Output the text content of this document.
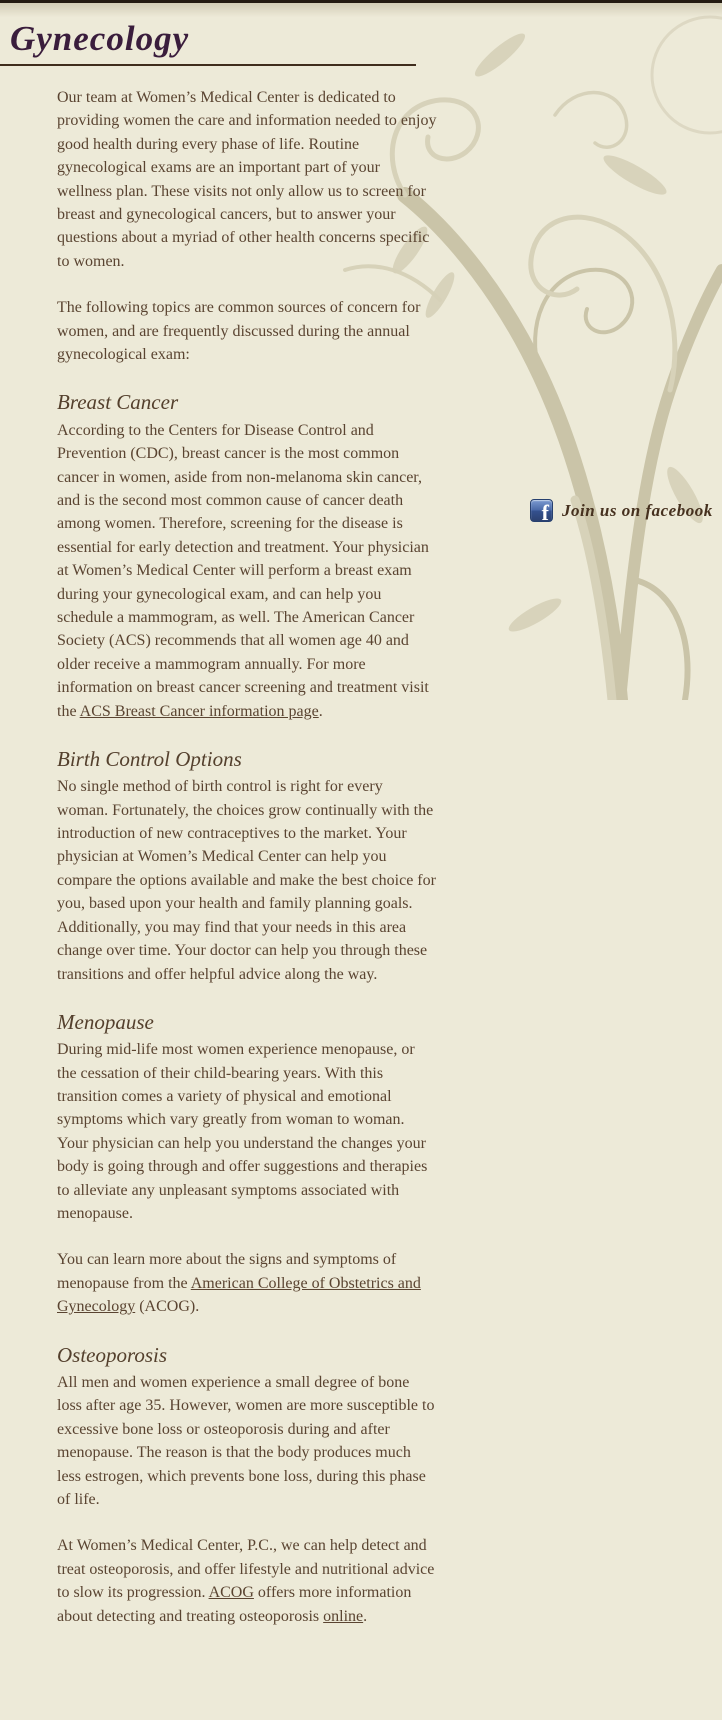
Gynecology

Our team at Women’s Medical Center is dedicated to providing women the care and information needed to enjoy good health during every phase of life. Routine gynecological exams are an important part of your wellness plan. These visits not only allow us to screen for breast and gynecological cancers, but to answer your questions about a myriad of other health concerns specific to women.

The following topics are common sources of concern for women, and are frequently discussed during the annual gynecological exam:

Breast Cancer

According to the Centers for Disease Control and Prevention (CDC), breast cancer is the most common cancer in women, aside from non-melanoma skin cancer, and is the second most common cause of cancer death among women. Therefore, screening for the disease is essential for early detection and treatment. Your physician at Women’s Medical Center will perform a breast exam during your gynecological exam, and can help you schedule a mammogram, as well. The American Cancer Society (ACS) recommends that all women age 40 and older receive a mammogram annually. For more information on breast cancer screening and treatment visit the ACS Breast Cancer information page.

Birth Control Options

No single method of birth control is right for every woman. Fortunately, the choices grow continually with the introduction of new contraceptives to the market. Your physician at Women’s Medical Center can help you compare the options available and make the best choice for you, based upon your health and family planning goals. Additionally, you may find that your needs in this area change over time. Your doctor can help you through these transitions and offer helpful advice along the way.

Menopause

During mid-life most women experience menopause, or the cessation of their child-bearing years. With this transition comes a variety of physical and emotional symptoms which vary greatly from woman to woman. Your physician can help you understand the changes your body is going through and offer suggestions and therapies to alleviate any unpleasant symptoms associated with menopause.

You can learn more about the signs and symptoms of menopause from the American College of Obstetrics and Gynecology (ACOG).

Osteoporosis

All men and women experience a small degree of bone loss after age 35. However, women are more susceptible to excessive bone loss or osteoporosis during and after menopause. The reason is that the body produces much less estrogen, which prevents bone loss, during this phase of life.

At Women’s Medical Center, P.C., we can help detect and treat osteoporosis, and offer lifestyle and nutritional advice to slow its progression. ACOG offers more information about detecting and treating osteoporosis online.

f Join us on facebook
